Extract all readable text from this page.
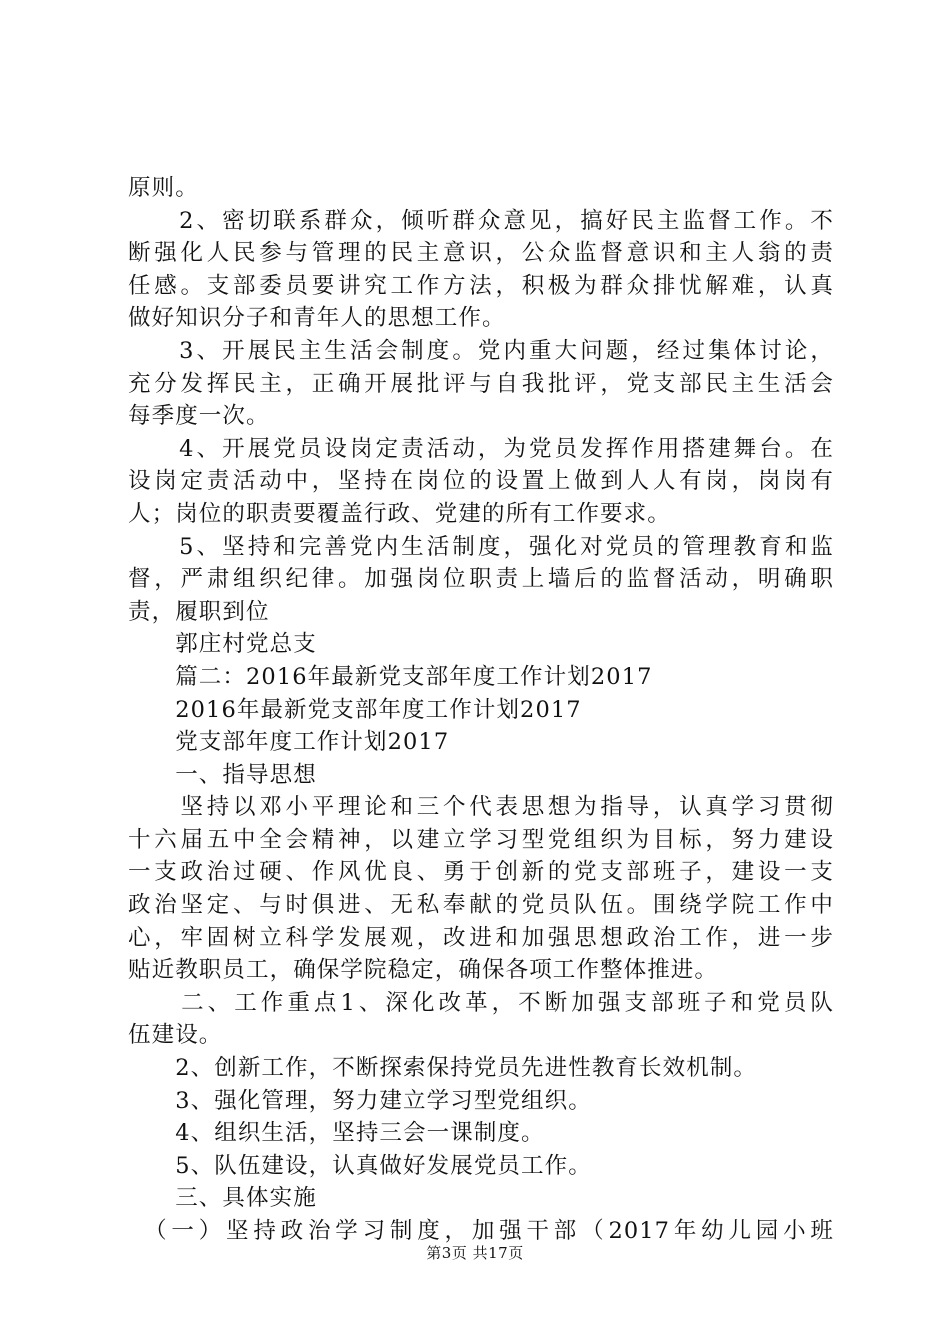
原则。
　　2、密切联系群众，倾听群众意见，搞好民主监督工作。不
断强化人民参与管理的民主意识，公众监督意识和主人翁的责
任感。支部委员要讲究工作方法，积极为群众排忧解难，认真
做好知识分子和青年人的思想工作。
　　3、开展民主生活会制度。党内重大问题，经过集体讨论，
充分发挥民主，正确开展批评与自我批评，党支部民主生活会
每季度一次。
　　4、开展党员设岗定责活动，为党员发挥作用搭建舞台。在
设岗定责活动中，坚持在岗位的设置上做到人人有岗，岗岗有
人；岗位的职责要覆盖行政、党建的所有工作要求。
　　5、坚持和完善党内生活制度，强化对党员的管理教育和监
督，严肃组织纪律。加强岗位职责上墙后的监督活动，明确职
责，履职到位
　　郭庄村党总支
　　篇二：2016年最新党支部年度工作计划2017
　　2016年最新党支部年度工作计划2017
　　党支部年度工作计划2017
　　一、指导思想
　　坚持以邓小平理论和三个代表思想为指导，认真学习贯彻
十六届五中全会精神，以建立学习型党组织为目标，努力建设
一支政治过硬、作风优良、勇于创新的党支部班子，建设一支
政治坚定、与时俱进、无私奉献的党员队伍。围绕学院工作中
心，牢固树立科学发展观，改进和加强思想政治工作，进一步
贴近教职员工，确保学院稳定，确保各项工作整体推进。
　　二、工作重点1、深化改革，不断加强支部班子和党员队
伍建设。
　　2、创新工作，不断探索保持党员先进性教育长效机制。
　　3、强化管理，努力建立学习型党组织。
　　4、组织生活，坚持三会一课制度。
　　5、队伍建设，认真做好发展党员工作。
　　三、具体实施
　（一）坚持政治学习制度，加强干部（2017年幼儿园小班
第3页 共17页
